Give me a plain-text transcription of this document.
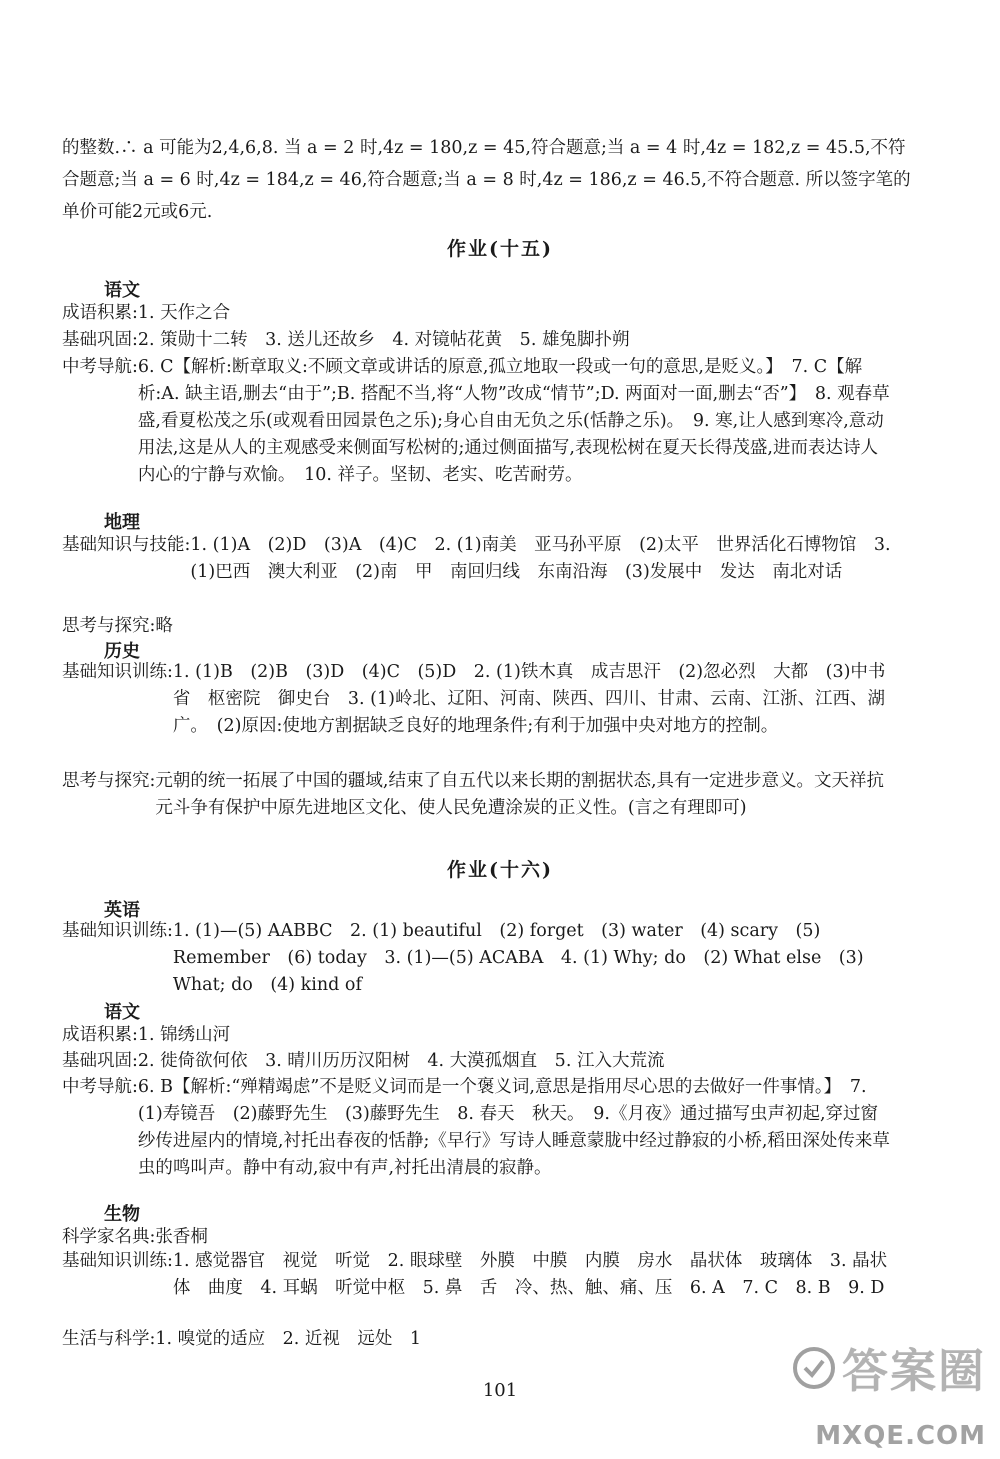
的整数.∴ a 可能为2,4,6,8. 当 a = 2 时,4z = 180,z = 45,符合题意;当 a = 4 时,4z = 182,z = 45.5,不符合题意;当 a = 6 时,4z = 184,z = 46,符合题意;当 a = 8 时,4z = 186,z = 46.5,不符合题意. 所以签字笔的单价可能2元或6元.
作业(十五)
语文
成语积累: 1. 天作之合
基础巩固: 2. 策勋十二转　3. 送儿还故乡　4. 对镜帖花黄　5. 雄兔脚扑朔
中考导航: 6. C【解析:断章取义:不顾文章或讲话的原意,孤立地取一段或一句的意思,是贬义。】　7. C【解析:A. 缺主语,删去“由于”;B. 搭配不当,将“人物”改成“情节”;D. 两面对一面,删去“否”】　8. 观春草盛,看夏松茂之乐(或观看田园景色之乐);身心自由无负之乐(恬静之乐)。　9. 寒,让人感到寒冷,意动用法,这是从人的主观感受来侧面写松树的;通过侧面描写,表现松树在夏天长得茂盛,进而表达诗人内心的宁静与欢愉。　10. 祥子。坚韧、老实、吃苦耐劳。
地理
基础知识与技能: 1. (1)A　(2)D　(3)A　(4)C　2. (1)南美　亚马孙平原　(2)太平　世界活化石博物馆　3. (1)巴西　澳大利亚　(2)南　甲　南回归线　东南沿海　(3)发展中　发达　南北对话
思考与探究: 略
历史
基础知识训练: 1. (1)B　(2)B　(3)D　(4)C　(5)D　2. (1)铁木真　成吉思汗　(2)忽必烈　大都　(3)中书省　枢密院　御史台　3. (1)岭北、辽阳、河南、陕西、四川、甘肃、云南、江浙、江西、湖广。　(2)原因:使地方割据缺乏良好的地理条件;有利于加强中央对地方的控制。
思考与探究: 元朝的统一拓展了中国的疆域,结束了自五代以来长期的割据状态,具有一定进步意义。文天祥抗元斗争有保护中原先进地区文化、使人民免遭涂炭的正义性。(言之有理即可)
作业(十六)
英语
基础知识训练: 1. (1)—(5) AABBC　2. (1) beautiful　(2) forget　(3) water　(4) scary　(5) Remember　(6) today　3. (1)—(5) ACABA　4. (1) Why; do　(2) What else　(3) What; do　(4) kind of
语文
成语积累: 1. 锦绣山河
基础巩固: 2. 徙倚欲何依　3. 晴川历历汉阳树　4. 大漠孤烟直　5. 江入大荒流
中考导航: 6. B【解析:“殚精竭虑”不是贬义词而是一个褒义词,意思是指用尽心思的去做好一件事情。】　7. (1)寿镜吾　(2)藤野先生　(3)藤野先生　8. 春天　秋天。　9.《月夜》通过描写虫声初起,穿过窗纱传进屋内的情境,衬托出春夜的恬静;《早行》写诗人睡意蒙胧中经过静寂的小桥,稻田深处传来草虫的鸣叫声。静中有动,寂中有声,衬托出清晨的寂静。
生物
科学家名典: 张香桐
基础知识训练: 1. 感觉器官　视觉　听觉　2. 眼球壁　外膜　中膜　内膜　房水　晶状体　玻璃体　3. 晶状体　曲度　4. 耳蜗　听觉中枢　5. 鼻　舌　冷、热、触、痛、压　6. A　7. C　8. B　9. D
生活与科学: 1. 嗅觉的适应　2. 近视　远处　1
101	答案圈
MXQE.COM
